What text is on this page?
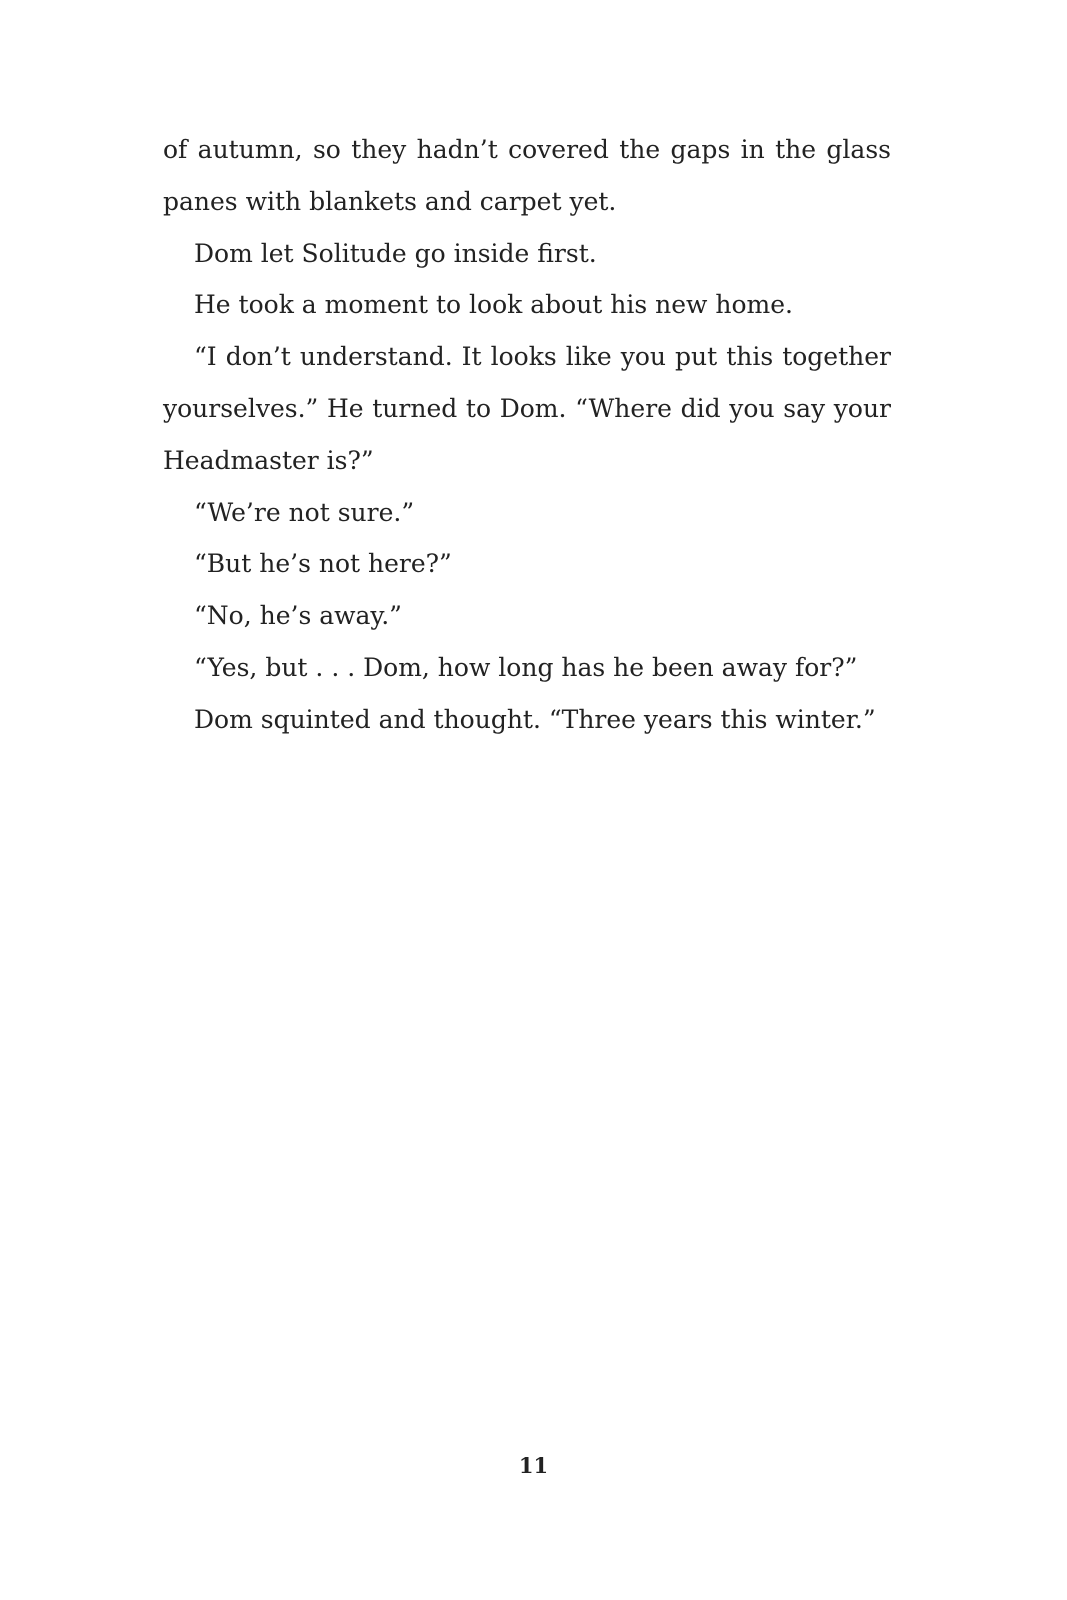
of autumn, so they hadn’t covered the gaps in the glass panes with blankets and carpet yet.

Dom let Solitude go inside first.

He took a moment to look about his new home.

“I don’t understand. It looks like you put this together yourselves.” He turned to Dom. “Where did you say your Headmaster is?”

“We’re not sure.”

“But he’s not here?”

“No, he’s away.”

“Yes, but . . . Dom, how long has he been away for?”

Dom squinted and thought. “Three years this winter.”

11
